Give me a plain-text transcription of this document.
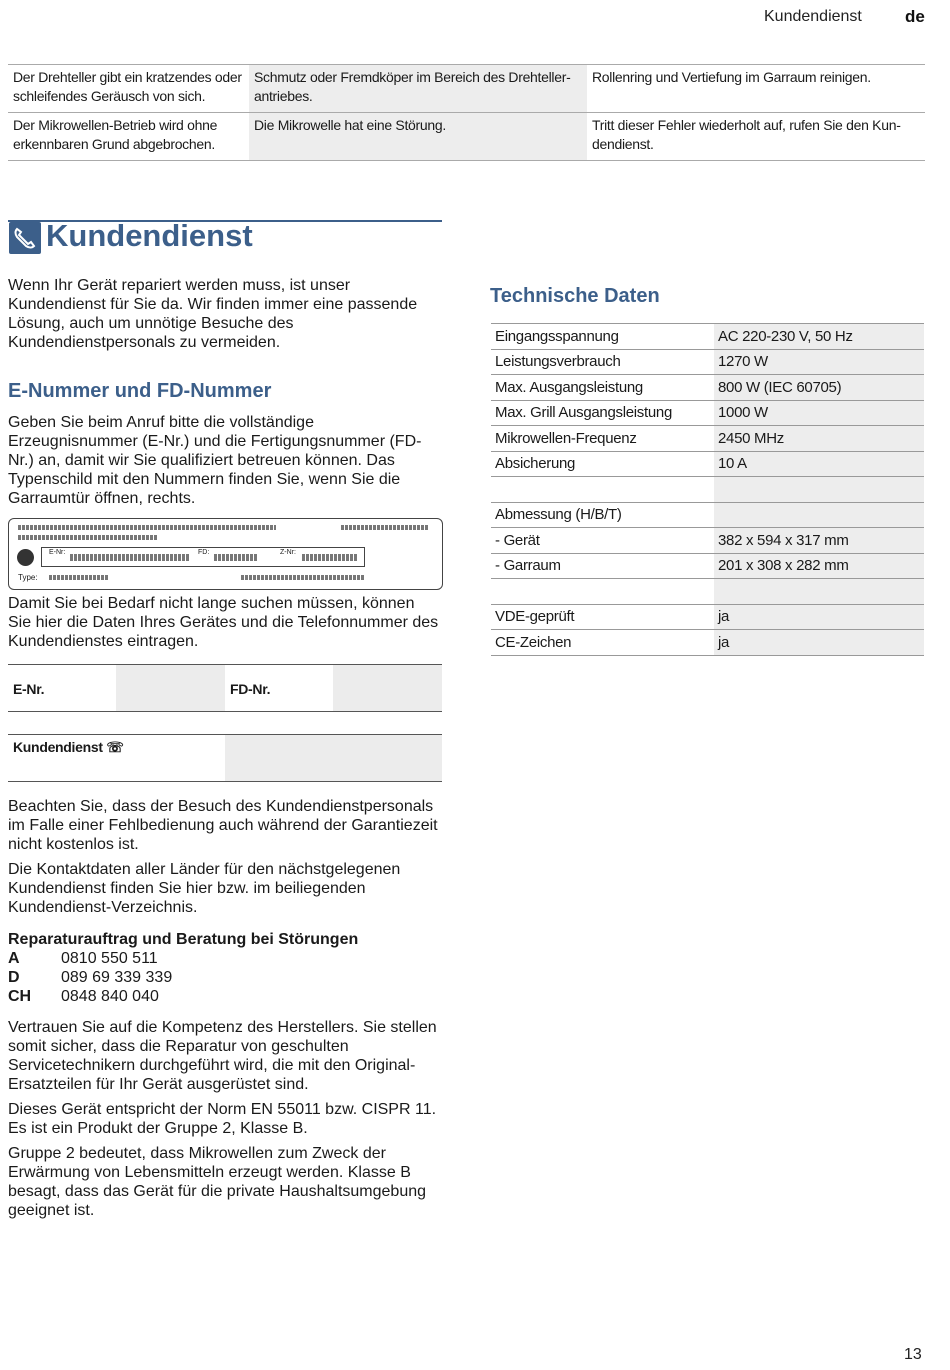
Kundendienst	de
Der Drehteller gibt ein kratzendes oder schleifendes Geräusch von sich.	Schmutz oder Fremdköper im Bereich des Drehteller-antriebes.	Rollenring und Vertiefung im Garraum reinigen.
Der Mikrowellen-Betrieb wird ohne erkennbaren Grund abgebrochen.	Die Mikrowelle hat eine Störung.	Tritt dieser Fehler wiederholt auf, rufen Sie den Kun-dendienst.
Kundendienst
Wenn Ihr Gerät repariert werden muss, ist unser Kundendienst für Sie da. Wir finden immer eine passende Lösung, auch um unnötige Besuche des Kundendienstpersonals zu vermeiden.
E-Nummer und FD-Nummer
Geben Sie beim Anruf bitte die vollständige Erzeugnisnummer (E-Nr.) und die Fertigungsnummer (FD-Nr.) an, damit wir Sie qualifiziert betreuen können. Das Typenschild mit den Nummern finden Sie, wenn Sie die Garraumtür öffnen, rechts.
E-Nr:	FD:	Z-Nr:
Type:
Damit Sie bei Bedarf nicht lange suchen müssen, können Sie hier die Daten Ihres Gerätes und die Telefonnummer des Kundendienstes eintragen.
E-Nr.	FD-Nr.
Kundendienst ☏
Beachten Sie, dass der Besuch des Kundendienstpersonals im Falle einer Fehlbedienung auch während der Garantiezeit nicht kostenlos ist.
Die Kontaktdaten aller Länder für den nächstgelegenen Kundendienst finden Sie hier bzw. im beiliegenden Kundendienst-Verzeichnis.
Reparaturauftrag und Beratung bei Störungen
A	0810 550 511
D	089 69 339 339
CH 0848 840 040
Vertrauen Sie auf die Kompetenz des Herstellers. Sie stellen somit sicher, dass die Reparatur von geschulten Servicetechnikern durchgeführt wird, die mit den Original-Ersatzteilen für Ihr Gerät ausgerüstet sind.
Dieses Gerät entspricht der Norm EN 55011 bzw. CISPR 11. Es ist ein Produkt der Gruppe 2, Klasse B.
Gruppe 2 bedeutet, dass Mikrowellen zum Zweck der Erwärmung von Lebensmitteln erzeugt werden. Klasse B besagt, dass das Gerät für die private Haushaltsumgebung geeignet ist.
Technische Daten
Eingangsspannung	AC 220-230 V, 50 Hz
Leistungsverbrauch	1270 W
Max. Ausgangsleistung	800 W (IEC 60705)
Max. Grill Ausgangsleistung	1000 W
Mikrowellen-Frequenz	2450 MHz
Absicherung	10 A

Abmessung (H/B/T)	
- Gerät	382 x 594 x 317 mm
- Garraum	201 x 308 x 282 mm

VDE-geprüft	ja
CE-Zeichen	ja
13
